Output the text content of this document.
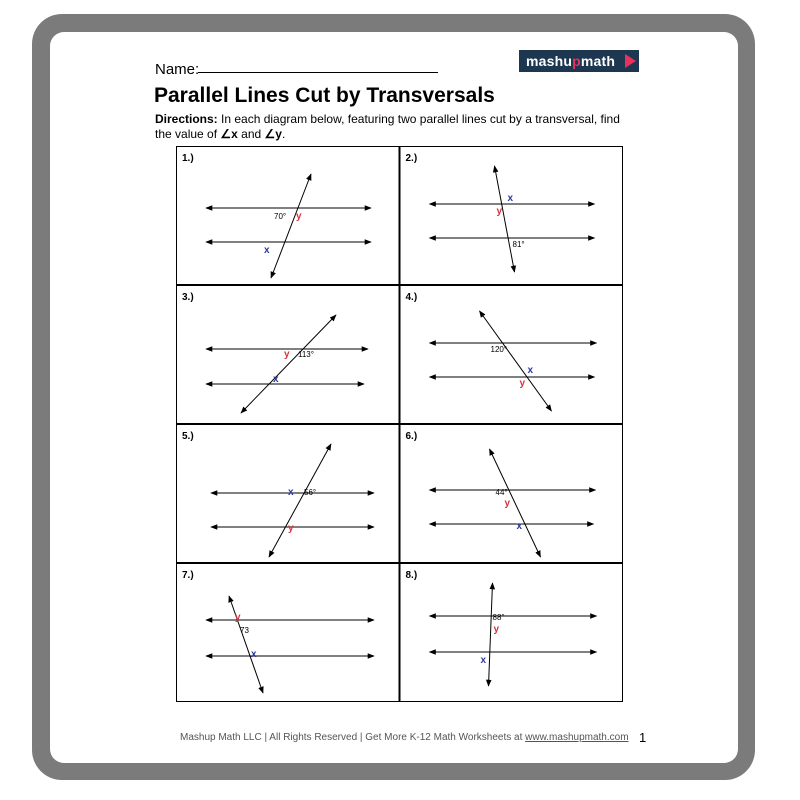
Name:	mashupmath
Parallel Lines Cut by Transversals
Directions: In each diagram below, featuring two parallel lines cut by a transversal, find the value of ∠x and ∠y.
1.)
70° y
x
2.)
x
y
81°
3.)
y 113°
x
4.)
120°
x
y
5.)
x 56°
y
6.)
44°
y
x
7.)
y
73
x
8.)
88°
y
x
Mashup Math LLC | All Rights Reserved | Get More K-12 Math Worksheets at www.mashupmath.com 1
